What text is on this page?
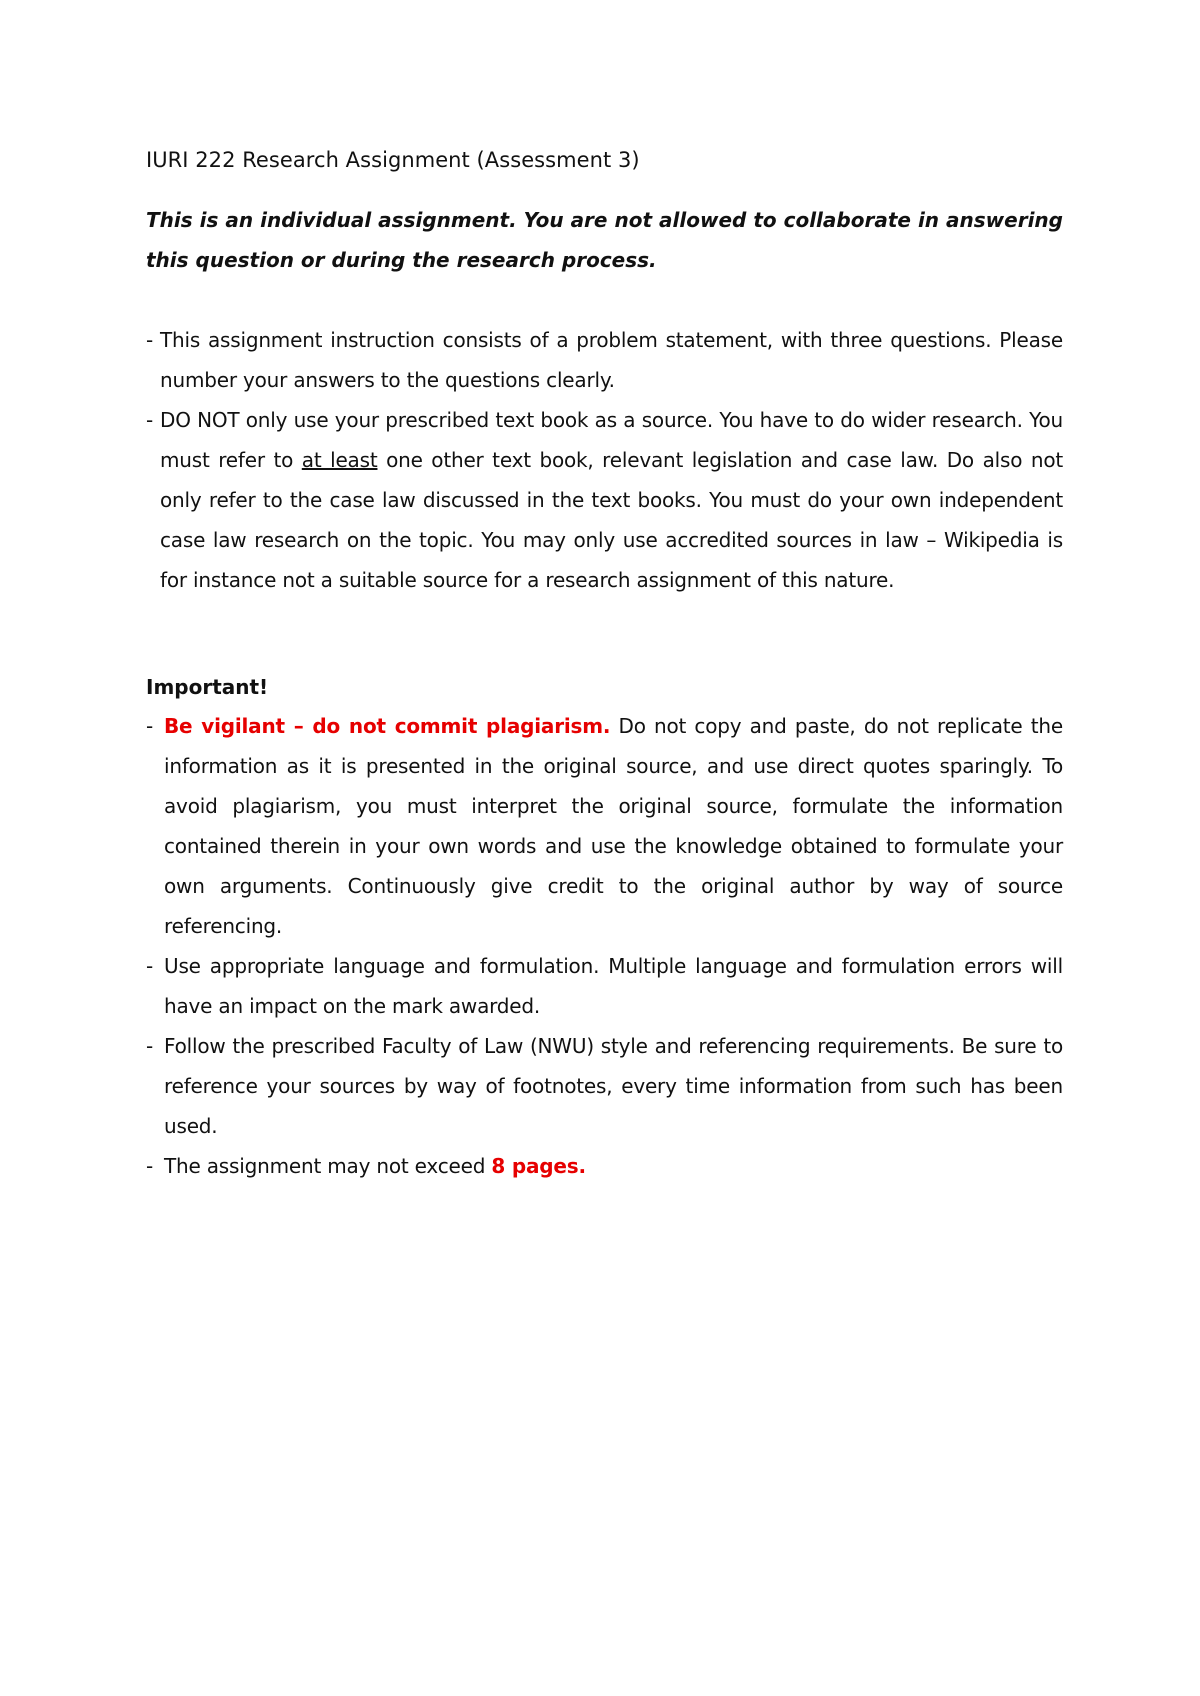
IURI 222 Research Assignment (Assessment 3)
This is an individual assignment. You are not allowed to collaborate in answering this question or during the research process.
- This assignment instruction consists of a problem statement, with three questions. Please number your answers to the questions clearly.
- DO NOT only use your prescribed text book as a source. You have to do wider research. You must refer to at least one other text book, relevant legislation and case law. Do also not only refer to the case law discussed in the text books. You must do your own independent case law research on the topic. You may only use accredited sources in law – Wikipedia is for instance not a suitable source for a research assignment of this nature.
Important!
- Be vigilant – do not commit plagiarism. Do not copy and paste, do not replicate the information as it is presented in the original source, and use direct quotes sparingly. To avoid plagiarism, you must interpret the original source, formulate the information contained therein in your own words and use the knowledge obtained to formulate your own arguments. Continuously give credit to the original author by way of source referencing.
- Use appropriate language and formulation. Multiple language and formulation errors will have an impact on the mark awarded.
- Follow the prescribed Faculty of Law (NWU) style and referencing requirements. Be sure to reference your sources by way of footnotes, every time information from such has been used.
- The assignment may not exceed 8 pages.
